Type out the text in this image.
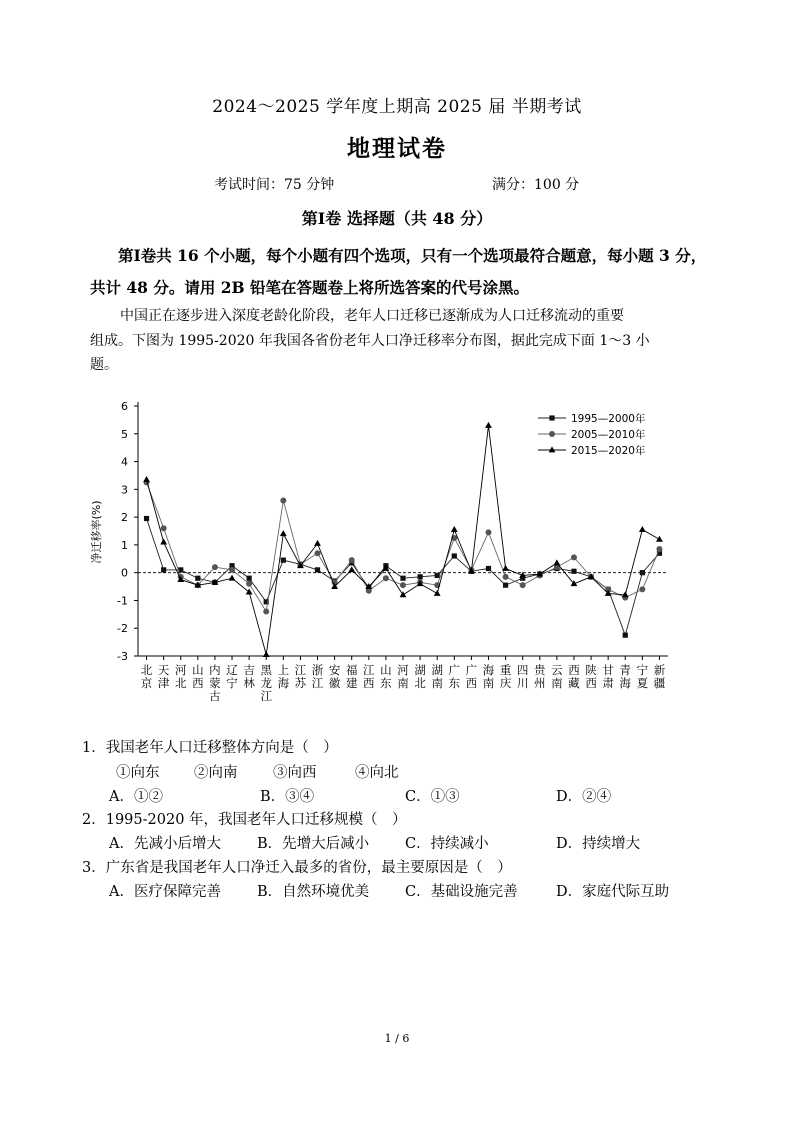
2024～2025 学年度上期高 2025 届 半期考试
地理试卷
考试时间：75 分钟	满分：100 分
第Ⅰ卷 选择题（共 48 分）
第Ⅰ卷共 16 个小题，每个小题有四个选项，只有一个选项最符合题意，每小题 3 分，
共计 48 分。请用 2B 铅笔在答题卷上将所选答案的代号涂黑。
中国正在逐步进入深度老龄化阶段，老年人口迁移已逐渐成为人口迁移流动的重要
组成。下图为 1995-2020 年我国各省份老年人口净迁移率分布图，据此完成下面 1～3 小
题。
6
5
4
3
2
1
0
-1
-2
-3
北京
天津
河北
山西
内蒙古
辽宁
吉林
黑龙江
上海
江苏
浙江
安徽
福建
江西
山东
河南
湖北
湖南
广东
广西
海南
重庆
四川
贵州
云南
西藏
陕西
甘肃
青海
宁夏
新疆
1995—2000年
2005—2010年
2015—2020年
净迁移率(%)
1．我国老年人口迁移整体方向是（　）
①向东 ②向南 ③向西	④向北
A．①②	B．③④	C．①③	D．②④
2．1995-2020 年，我国老年人口迁移规模（　）
A．先减小后增大 B．先增大后减小 C．持续减小	D．持续增大
3．广东省是我国老年人口净迁入最多的省份，最主要原因是（　）
A．医疗保障完善 B．自然环境优美 C．基础设施完善	D．家庭代际互助
1 / 6
